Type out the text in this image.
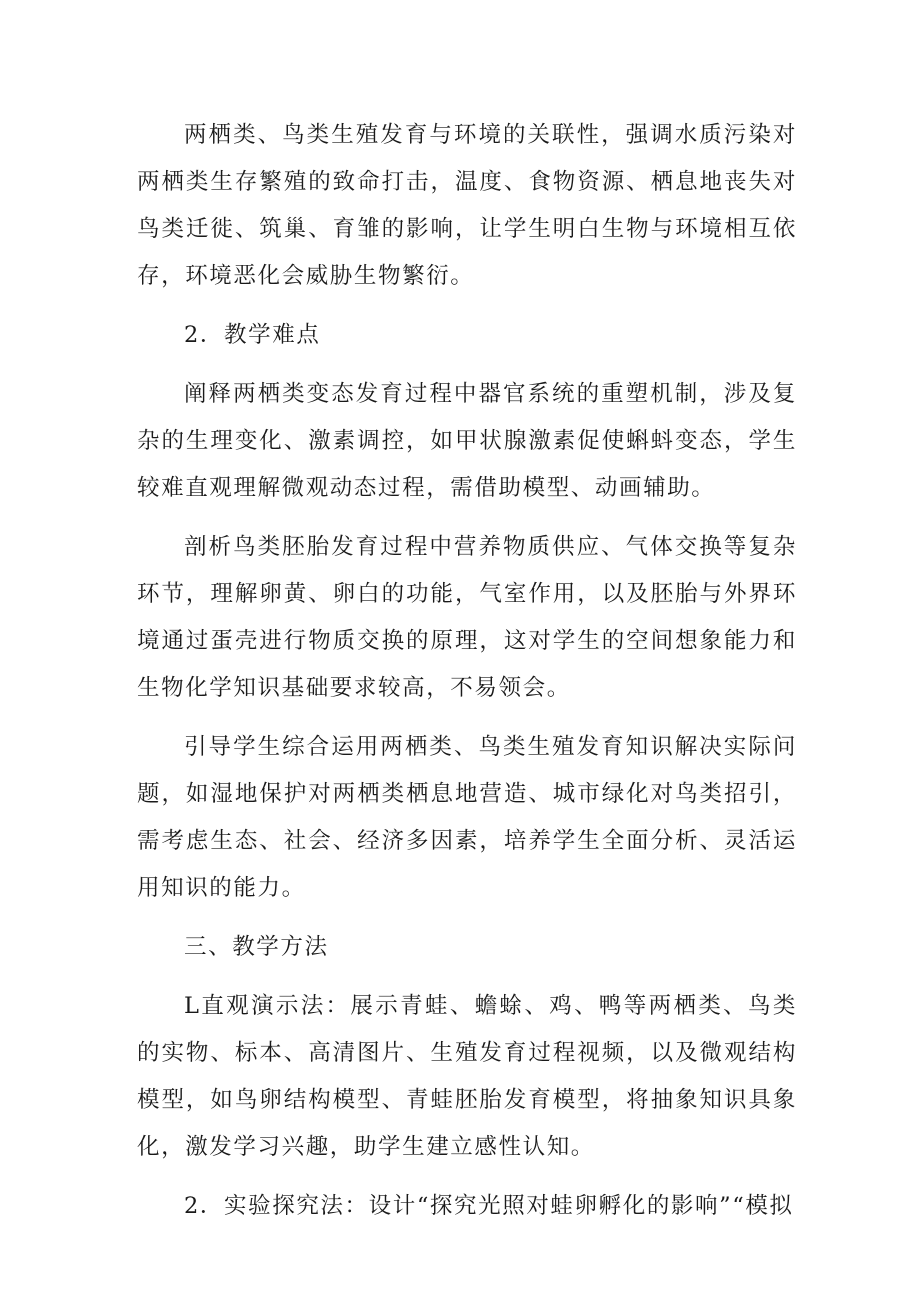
两栖类、鸟类生殖发育与环境的关联性，强调水质污染对两栖类生存繁殖的致命打击，温度、食物资源、栖息地丧失对鸟类迁徙、筑巢、育雏的影响，让学生明白生物与环境相互依存，环境恶化会威胁生物繁衍。

2．教学难点

阐释两栖类变态发育过程中器官系统的重塑机制，涉及复杂的生理变化、激素调控，如甲状腺激素促使蝌蚪变态，学生较难直观理解微观动态过程，需借助模型、动画辅助。

剖析鸟类胚胎发育过程中营养物质供应、气体交换等复杂环节，理解卵黄、卵白的功能，气室作用，以及胚胎与外界环境通过蛋壳进行物质交换的原理，这对学生的空间想象能力和生物化学知识基础要求较高，不易领会。

引导学生综合运用两栖类、鸟类生殖发育知识解决实际问题，如湿地保护对两栖类栖息地营造、城市绿化对鸟类招引，需考虑生态、社会、经济多因素，培养学生全面分析、灵活运用知识的能力。

三、教学方法

L直观演示法：展示青蛙、蟾蜍、鸡、鸭等两栖类、鸟类的实物、标本、高清图片、生殖发育过程视频，以及微观结构模型，如鸟卵结构模型、青蛙胚胎发育模型，将抽象知识具象化，激发学习兴趣，助学生建立感性认知。

2．实验探究法：设计“探究光照对蛙卵孵化的影响”“模拟
